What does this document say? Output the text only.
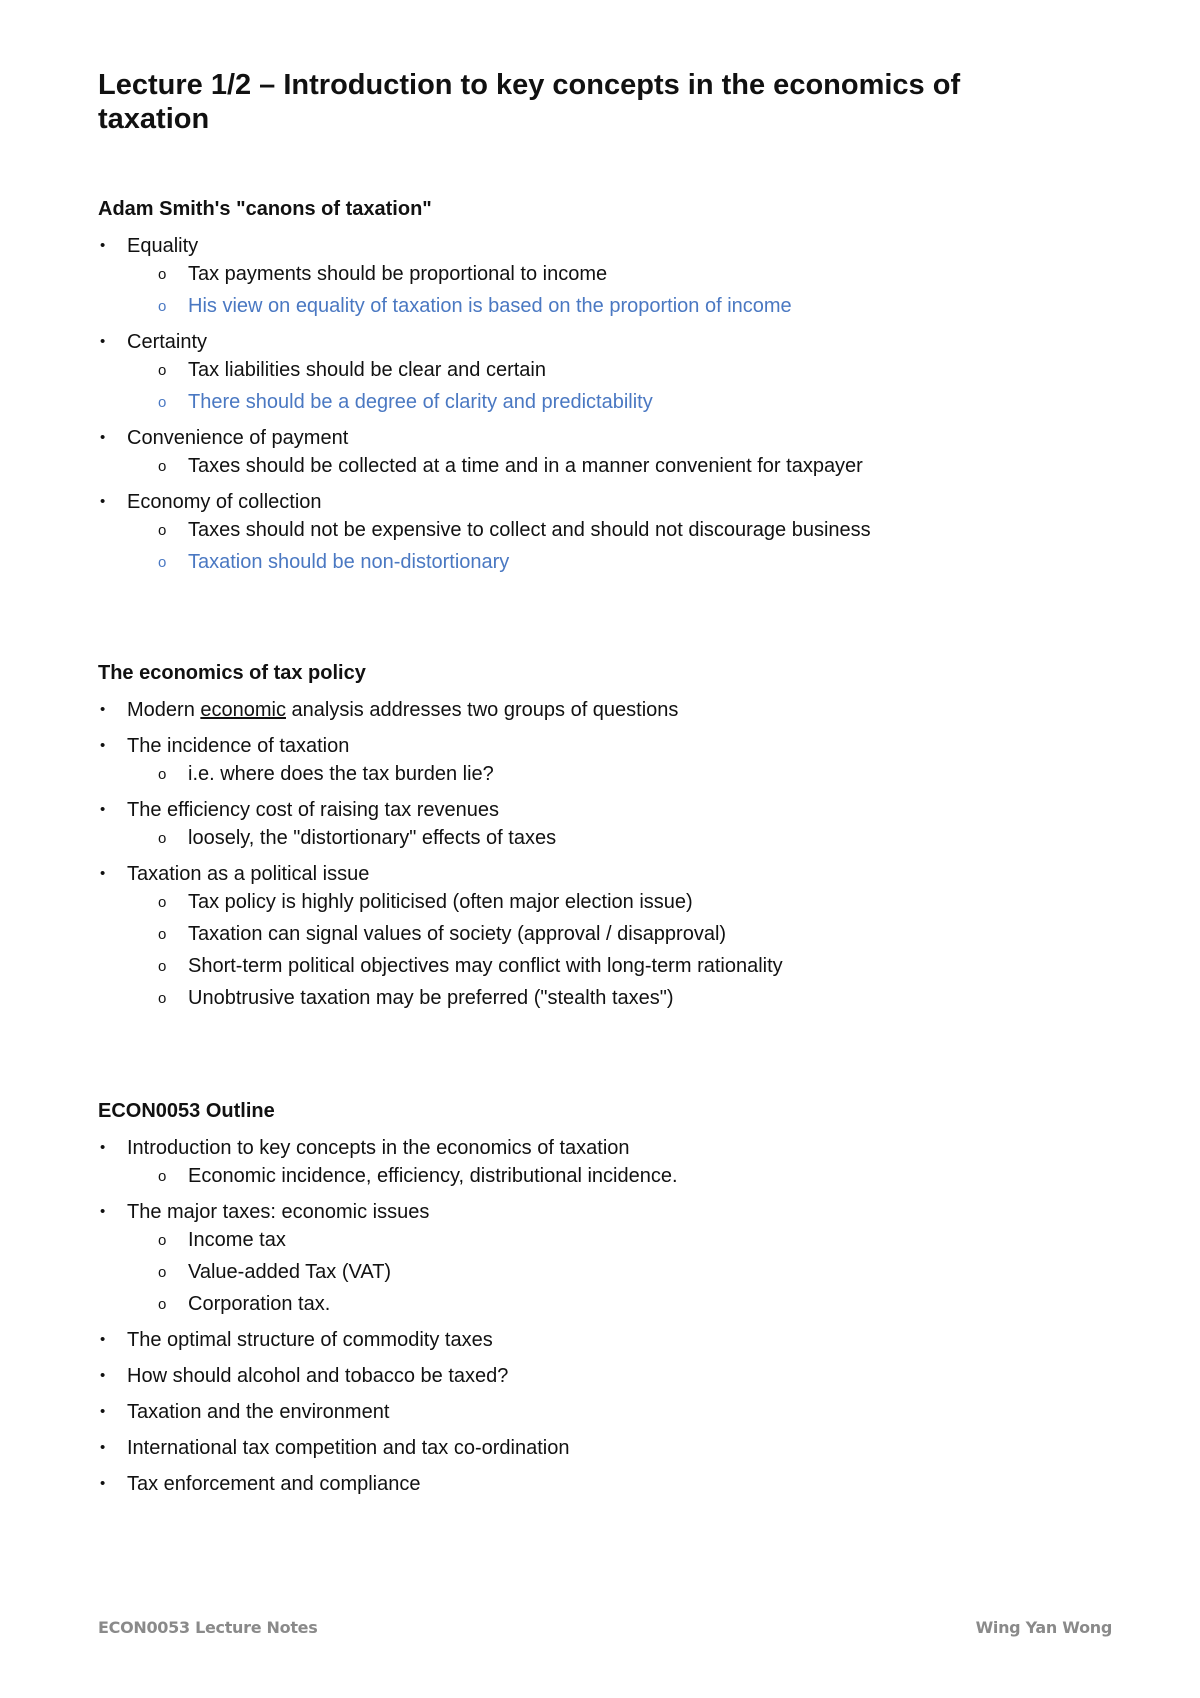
Lecture 1/2 – Introduction to key concepts in the economics of taxation
Adam Smith's "canons of taxation"
• Equality
o Tax payments should be proportional to income
o His view on equality of taxation is based on the proportion of income
• Certainty
o Tax liabilities should be clear and certain
o There should be a degree of clarity and predictability
• Convenience of payment
o Taxes should be collected at a time and in a manner convenient for taxpayer
• Economy of collection
o Taxes should not be expensive to collect and should not discourage business
o Taxation should be non-distortionary
The economics of tax policy
• Modern economic analysis addresses two groups of questions
• The incidence of taxation
o i.e. where does the tax burden lie?
• The efficiency cost of raising tax revenues
o loosely, the "distortionary" effects of taxes
• Taxation as a political issue
o Tax policy is highly politicised (often major election issue)
o Taxation can signal values of society (approval / disapproval)
o Short-term political objectives may conflict with long-term rationality
o Unobtrusive taxation may be preferred ("stealth taxes")
ECON0053 Outline
• Introduction to key concepts in the economics of taxation
o Economic incidence, efficiency, distributional incidence.
• The major taxes: economic issues
o Income tax
o Value-added Tax (VAT)
o Corporation tax.
• The optimal structure of commodity taxes
• How should alcohol and tobacco be taxed?
• Taxation and the environment
• International tax competition and tax co-ordination
• Tax enforcement and compliance
ECON0053 Lecture Notes	Wing Yan Wong
